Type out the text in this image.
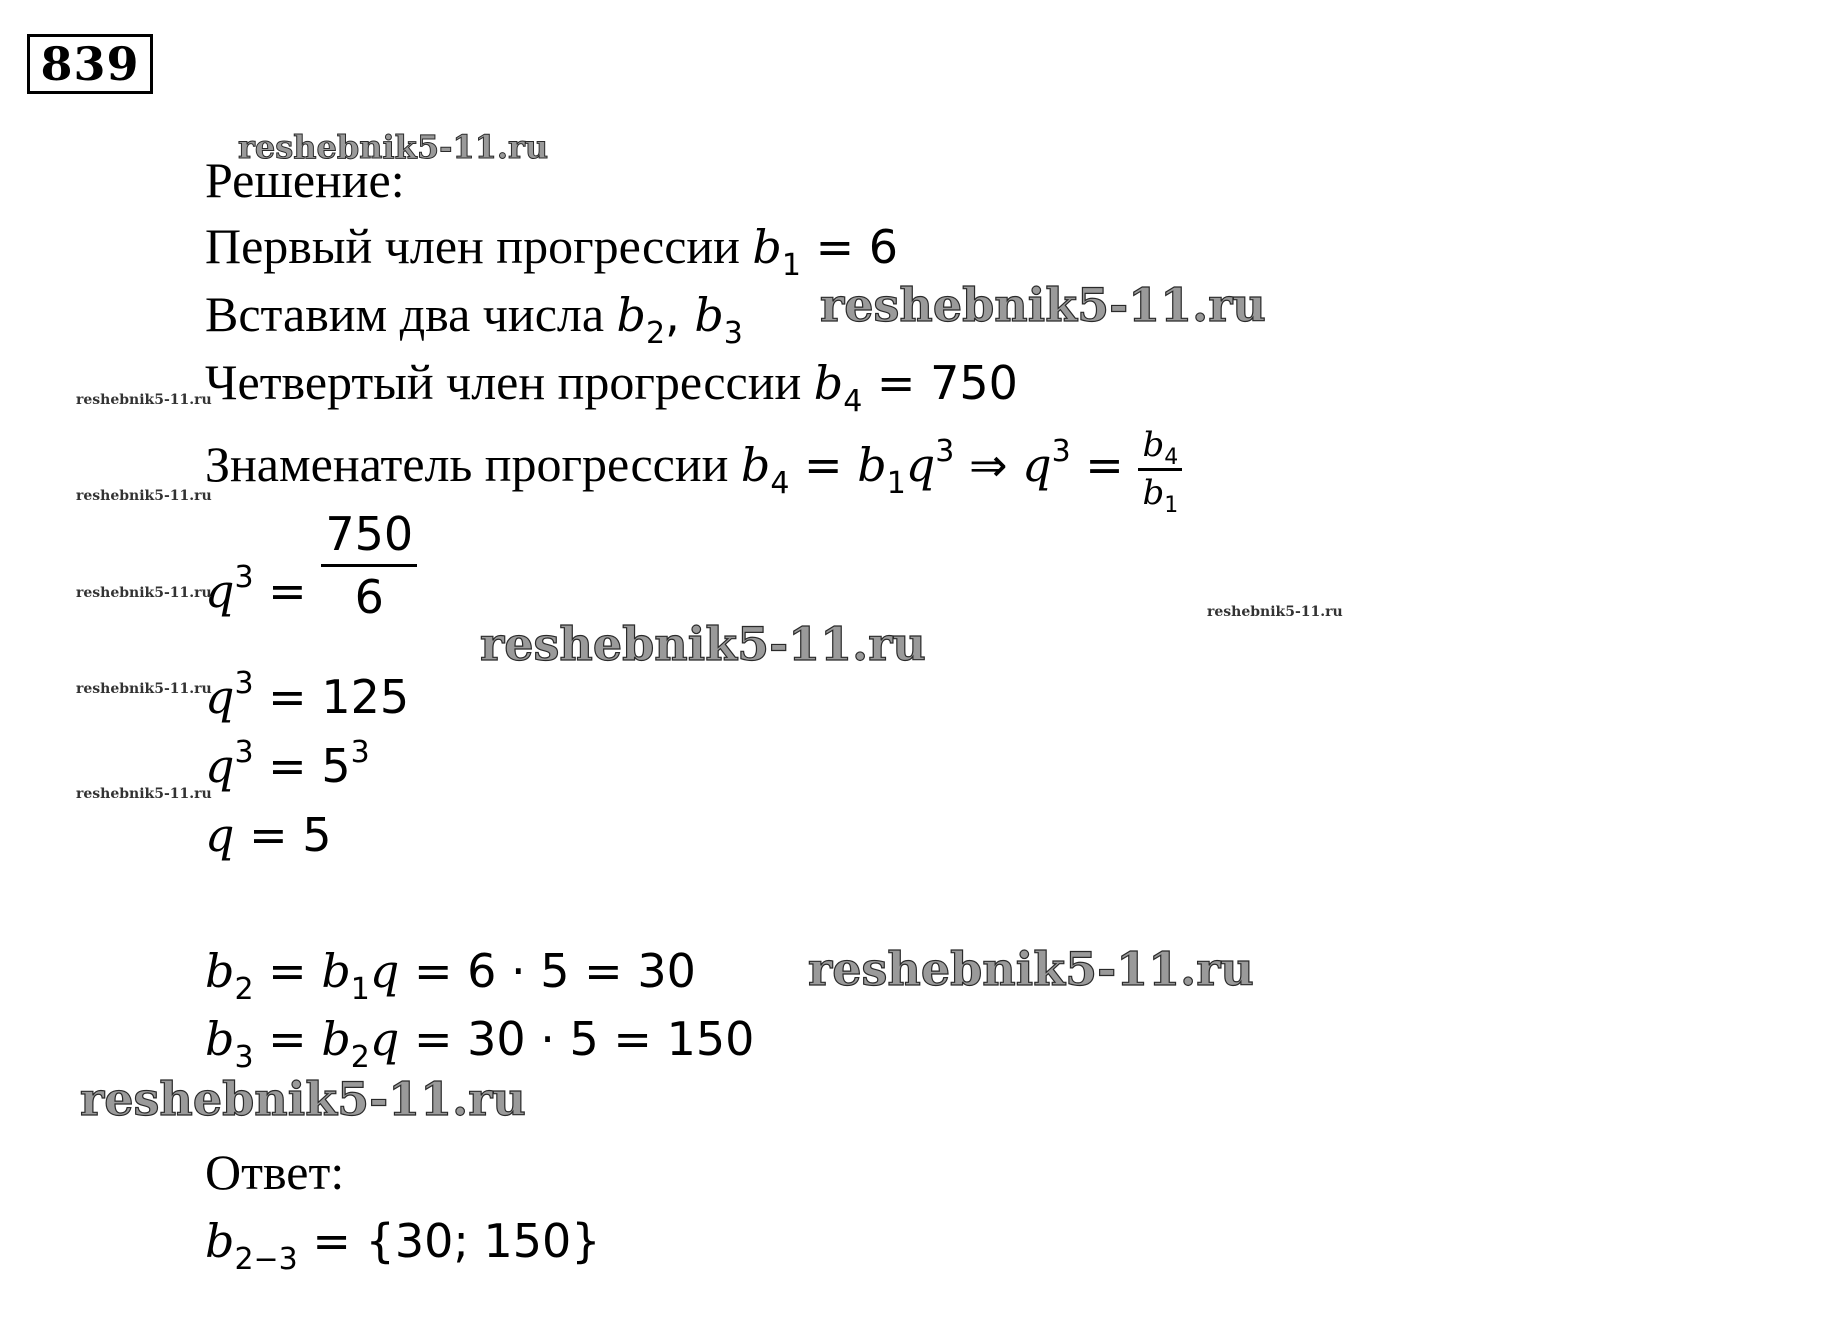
839
Решение:
Первый член прогрессии $b_1 = 6$
Вставим два числа $b_2$, $b_3$
Четвертый член прогрессии $b_4 = 750$
Знаменатель прогрессии $b_4 = b_1q^3$ ⇒ $q^3 = \frac{b_4}{b_1}$
$q^3 = \frac{750}{6}$
$q^3 = 125$
$q^3 = 5^3$
q = 5
$b_2 = b_1q = 6 \cdot 5 = 30$
$b_3 = b_2q = 30 \cdot 5 = 150$
Ответ:
$b_{2-3} = \{30$; 150}
reshebnik5-11.ru
reshebnik5-11.ru
reshebnik5-11.ru
reshebnik5-11.ru
reshebnik5-11.ru
reshebnik5-11.ru
reshebnik5-11.ru
reshebnik5-11.ru
reshebnik5-11.ru
reshebnik5-11.ru
reshebnik5-11.ru
